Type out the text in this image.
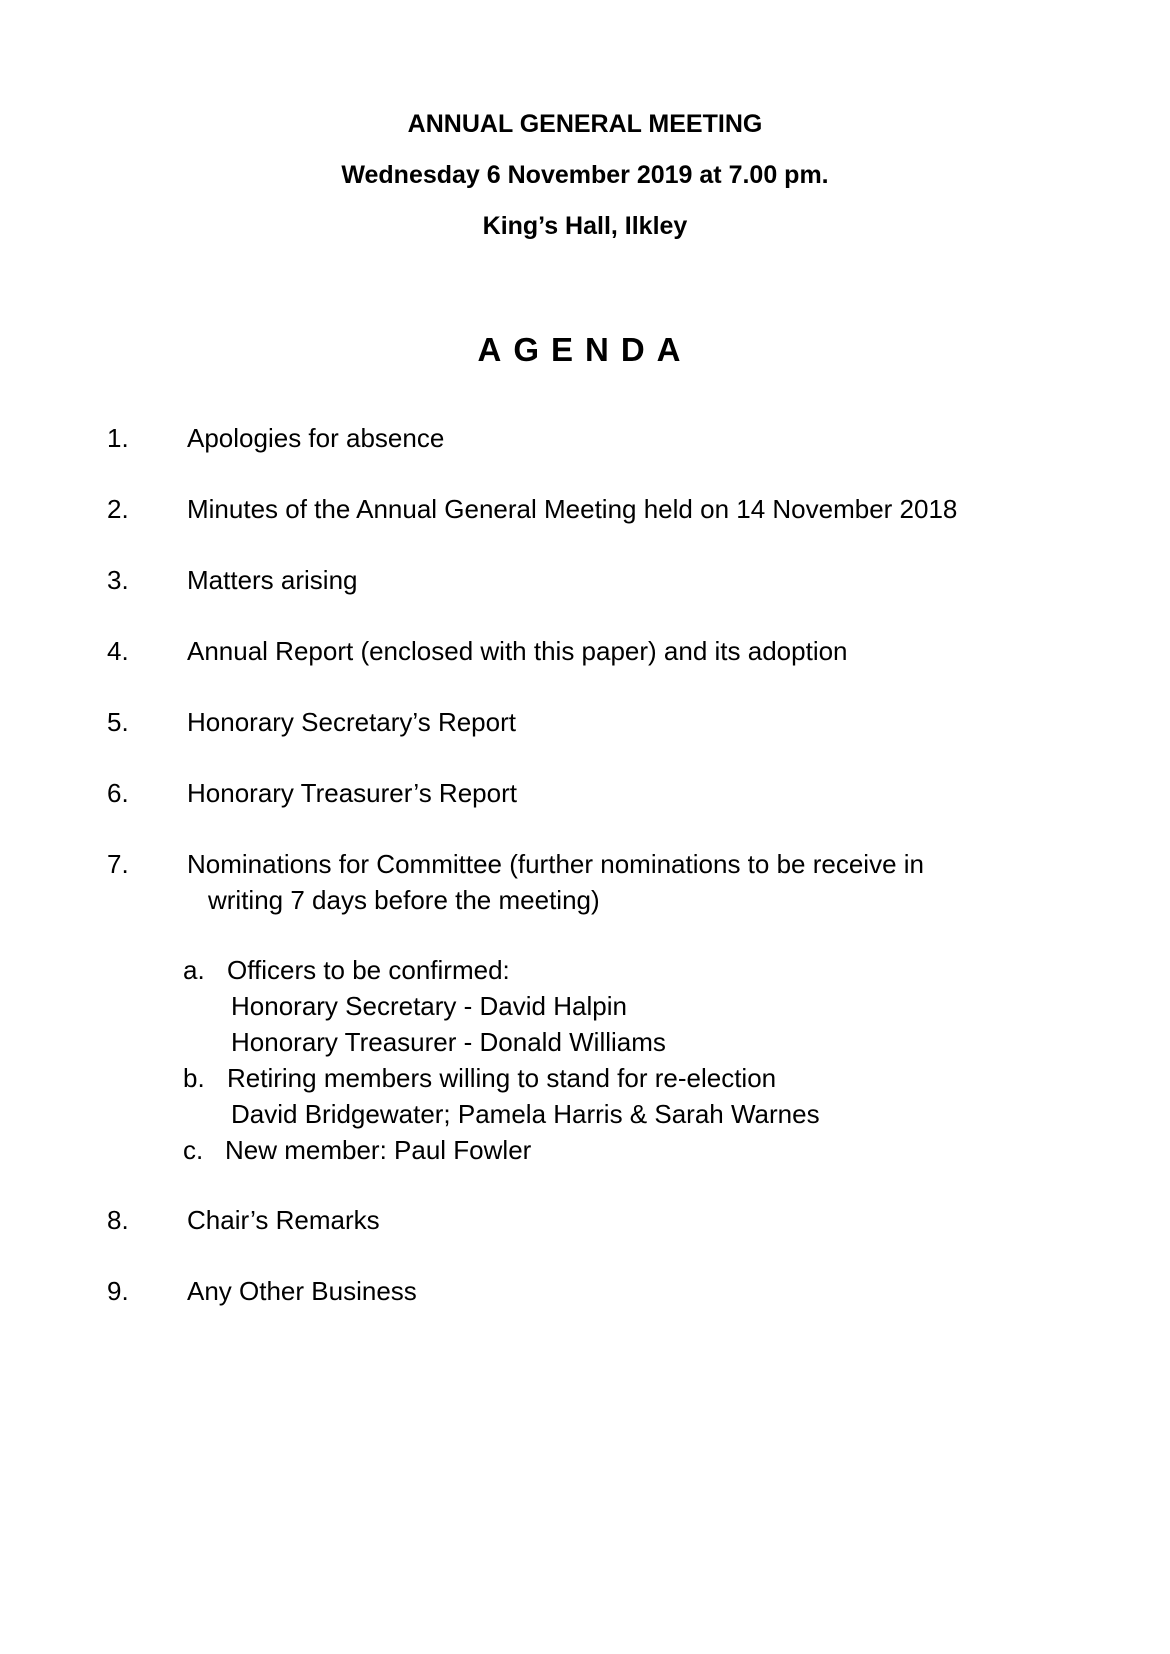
ANNUAL GENERAL MEETING
Wednesday 6 November 2019 at 7.00 pm.
King’s Hall, Ilkley
AGENDA
1.	Apologies for absence
2.	Minutes of the Annual General Meeting held on 14 November 2018
3.	Matters arising
4.	Annual Report (enclosed with this paper) and its adoption
5.	Honorary Secretary’s Report
6.	Honorary Treasurer’s Report
7.	Nominations for Committee (further nominations to be receive in
writing 7 days before the meeting)
a. Officers to be confirmed:
Honorary Secretary - David Halpin
Honorary Treasurer - Donald Williams
b. Retiring members willing to stand for re-election
David Bridgewater; Pamela Harris & Sarah Warnes
c. New member: Paul Fowler
8.	Chair’s Remarks
9.	Any Other Business
